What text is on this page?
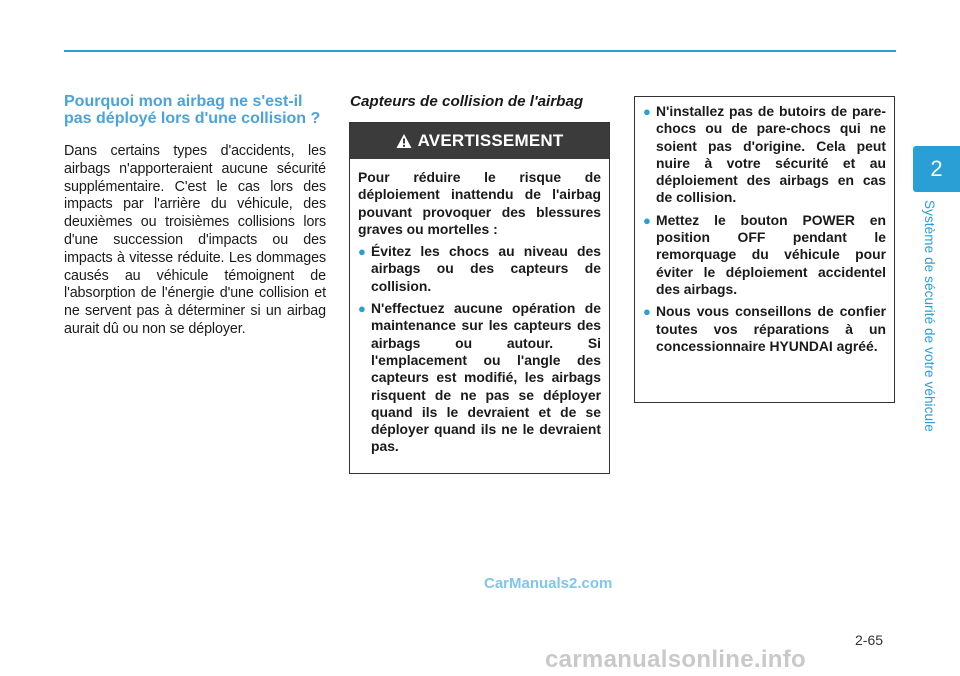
2
Système de sécurité de votre véhicule
Pourquoi mon airbag ne s'est-il pas déployé lors d'une collision ?
Dans certains types d'accidents, les airbags n'apporteraient aucune sécurité supplémentaire. C'est le cas lors des impacts par l'arrière du véhicule, des deuxièmes ou troisièmes collisions lors d'une succession d'impacts ou des impacts à vitesse réduite. Les dommages causés au véhicule témoignent de l'absorption de l'énergie d'une collision et ne servent pas à déterminer si un airbag aurait dû ou non se déployer.
Capteurs de collision de l'airbag
AVERTISSEMENT
Pour réduire le risque de déploiement inattendu de l'airbag pouvant provoquer des blessures graves ou mortelles :
● Évitez les chocs au niveau des airbags ou des capteurs de collision.
● N'effectuez aucune opération de maintenance sur les capteurs des airbags ou autour. Si l'emplacement ou l'angle des capteurs est modifié, les airbags risquent de ne pas se déployer quand ils le devraient et de se déployer quand ils ne le devraient pas.
● N'installez pas de butoirs de pare-chocs ou de pare-chocs qui ne soient pas d'origine. Cela peut nuire à votre sécurité et au déploiement des airbags en cas de collision.
● Mettez le bouton POWER en position OFF pendant le remorquage du véhicule pour éviter le déploiement accidentel des airbags.
● Nous vous conseillons de confier toutes vos réparations à un concessionnaire HYUNDAI agréé.
CarManuals2.com
2-65
carmanualsonline.info
